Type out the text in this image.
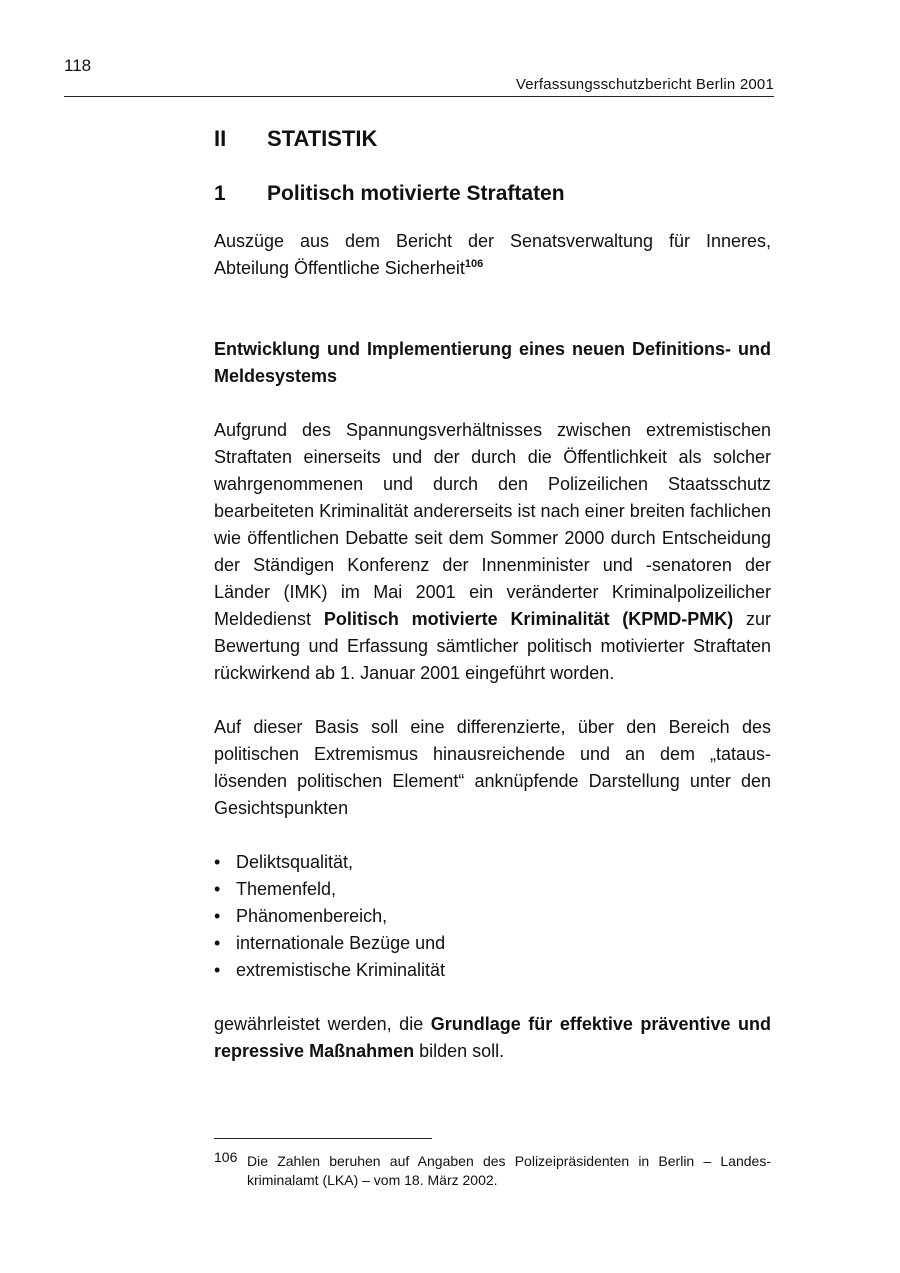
118
Verfassungsschutzbericht Berlin 2001
II	STATISTIK
1	Politisch motivierte Straftaten

Auszüge aus dem Bericht der Senatsverwaltung für Inneres, Abteilung Öffentliche Sicherheit$^{106}$

Entwicklung und Implementierung eines neuen Definitions- und Meldesystems

Aufgrund des Spannungsverhältnisses zwischen extremistischen Straftaten einerseits und der durch die Öffentlichkeit als solcher wahrgenommenen und durch den Polizeilichen Staatsschutz bearbeiteten Kriminalität andererseits ist nach einer breiten fachlichen wie öffentlichen Debatte seit dem Sommer 2000 durch Entscheidung der Ständigen Konferenz der Innenminister und -senatoren der Länder (IMK) im Mai 2001 ein veränderter Kriminalpolizeilicher Meldedienst Politisch motivierte Kriminalität (KPMD-PMK) zur Bewertung und Erfassung sämtlicher politisch motivierter Straftaten rückwirkend ab 1. Januar 2001 eingeführt worden.

Auf dieser Basis soll eine differenzierte, über den Bereich des politischen Extremismus hinausreichende und an dem „tataus-lösenden politischen Element“ anknüpfende Darstellung unter den Gesichtspunkten

• Deliktsqualität,
• Themenfeld,
• Phänomenbereich,
• internationale Bezüge und
• extremistische Kriminalität

gewährleistet werden, die Grundlage für effektive präventive und repressive Maßnahmen bilden soll.

106 Die Zahlen beruhen auf Angaben des Polizeipräsidenten in Berlin – Landes-kriminalamt (LKA) – vom 18. März 2002.
